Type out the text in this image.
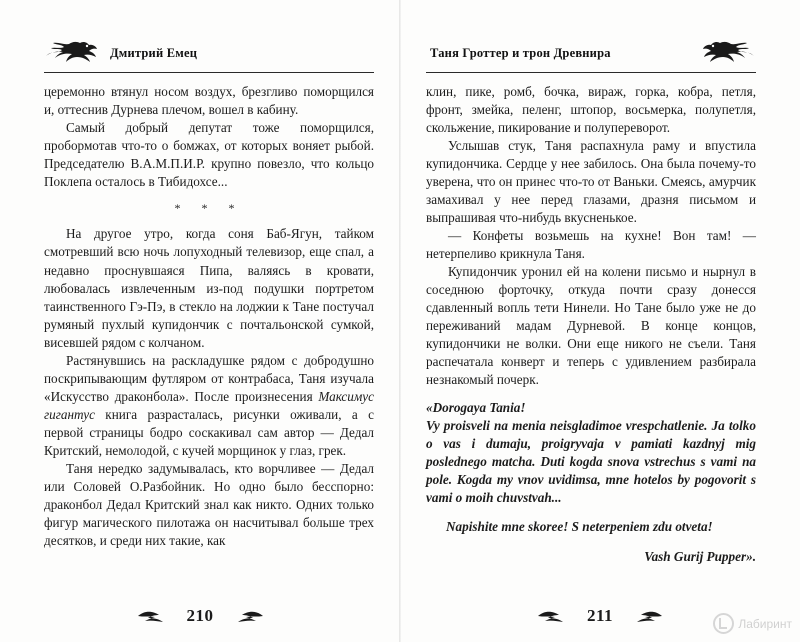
Дмитрий Емец

церемонно втянул носом воздух, брезгливо поморщился и, оттеснив Дурнева плечом, вошел в кабину.

Самый добрый депутат тоже поморщился, пробормотав что-то о бомжах, от которых воняет рыбой. Председателю В.А.М.П.И.Р. крупно повезло, что кольцо Поклепа осталось в Тибидохсе...

* * *

На другое утро, когда соня Баб-Ягун, тайком смотревший всю ночь лопуходный телевизор, еще спал, а недавно проснувшаяся Пипа, валяясь в кровати, любовалась извлеченным из-под подушки портретом таинственного Гэ-Пэ, в стекло на лоджии к Тане постучал румяный пухлый купидончик с почтальонской сумкой, висевшей рядом с колчаном.

Растянувшись на раскладушке рядом с добродушно поскрипывающим футляром от контрабаса, Таня изучала «Искусство драконбола». После произнесения Максимус гигантус книга разрасталась, рисунки оживали, а с первой страницы бодро соскакивал сам автор — Дедал Критский, немолодой, с кучей морщинок у глаз, грек.

Таня нередко задумывалась, кто ворчливее — Дедал или Соловей О.Разбойник. Но одно было бесспорно: драконбол Дедал Критский знал как никто. Одних только фигур магического пилотажа он насчитывал больше трех десятков, и среди них такие, как

210
Таня Гроттер и трон Древнира

клин, пике, ромб, бочка, вираж, горка, кобра, петля, фронт, змейка, пеленг, штопор, восьмерка, полупетля, скольжение, пикирование и полупереворот.

Услышав стук, Таня распахнула раму и впустила купидончика. Сердце у нее забилось. Она была почему-то уверена, что он принес что-то от Ваньки. Смеясь, амурчик замахивал у нее перед глазами, дразня письмом и выпрашивая что-нибудь вкусненькое.

— Конфеты возьмешь на кухне! Вон там! — нетерпеливо крикнула Таня.

Купидончик уронил ей на колени письмо и нырнул в соседнюю форточку, откуда почти сразу донесся сдавленный вопль тети Нинели. Но Тане было уже не до переживаний мадам Дурневой. В конце концов, купидончики не волки. Они еще никого не съели. Таня распечатала конверт и теперь с удивлением разбирала незнакомый почерк.

«Dorogaya Tania!

Vy proisveli na menia neisgladimoe vrespchatlenie. Ja tolko o vas i dumaju, proigryvaja v pamiati kazdnyj mig poslednego matcha. Duti kogda snova vstrechus s vami na pole. Kogda my vnov uvidimsa, mne hotelos by pogovorit s vami o moih chuvstvah...

Napishite mne skoree! S neterpeniem zdu otveta!

Vash Gurij Pupper».

211	Лабиринт
